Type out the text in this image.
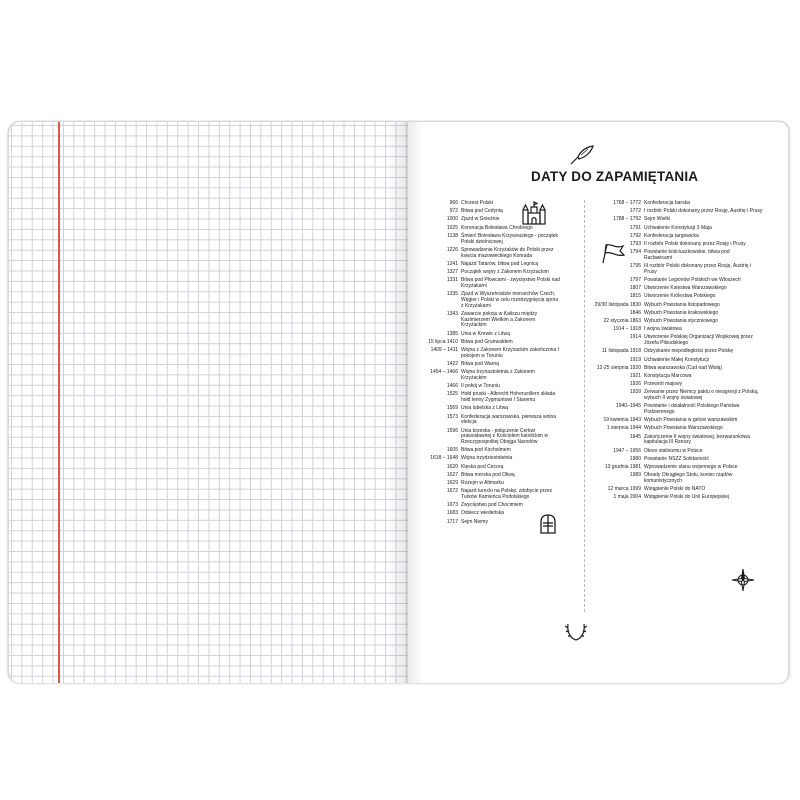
DATY DO ZAPAMIĘTANIA
966 Chrzest Polski
972 Bitwa pod Cedynią
1000 Zjazd w Gnieźnie
1025 Koronacja Bolesława Chrobrego
1138 Śmierć Bolesława Krzywoustego - początek Polski dzielnicowej
1226 Sprowadzenie Krzyżaków do Polski przez księcia mazowieckiego Konrada
1241 Najazd Tatarów, bitwa pod Legnicą
1327 Początek wojny z Zakonem Krzyżackim
1331 Bitwa pod Płowcami - zwycięstwo Polski nad Krzyżakami
1335 Zjazd w Wyszehradzie monarchów Czech, Węgier i Polski w celu rozstrzygnięcia sporu z Krzyżakami
1343 Zawarcie pokoju w Kaliszu między Kazimierzem Wielkim a Zakonem Krzyżackim
1385 Unia w Krewie z Litwą
15 lipca 1410 Bitwa pod Grunwaldem
1409 – 1411 Wojna z Zakonem Krzyżackim zakończona I pokojem w Toruniu
1422 Bitwa pod Warną
1454 – 1466 Wojna trzynastoletnia z Zakonem Krzyżackim
1466 II pokój w Toruniu
1525 Hołd pruski - Albrecht Hohenzollern składa hołd lenny Zygmuntowi I Staremu
1569 Unia lubelska z Litwą
1573 Konfederacja warszawska, pierwsza wolna elekcja
1596 Unia brzeska - połączenie Cerkwi prawosławnej z Kościołem katolickim w Rzeczypospolitej Obojga Narodów
1605 Bitwa pod Kircholmem
1618 – 1648 Wojna trzydziestoletnia
1620 Klęska pod Cecorą
1627 Bitwa morska pod Oliwą
1629 Rozejm w Altmarku
1672 Najazd turecki na Polskę, zdobycie przez Turków Kamieńca Podolskiego
1673 Zwycięstwo pod Chocimiem
1683 Odsiecz wiedeńska
1717 Sejm Niemy
1768 – 1772 Konfederacja barska
1772 I rozbiór Polski dokonany przez Rosję, Austrię i Prusy
1788 – 1792 Sejm Wielki
1791 Uchwalenie Konstytucji 3 Maja
1792 Konfederacja targowicka
1793 II rozbiór Polski dokonany przez Rosję i Prusy
1794 Powstanie kościuszkowskie, bitwa pod Racławicami
1795 III rozbiór Polski dokonany przez Rosję, Austrię i Prusy
1797 Powstanie Legionów Polskich we Włoszech
1807 Utworzenie Księstwa Warszawskiego
1815 Utworzenie Królestwa Polskiego
29/30 listopada 1830 Wybuch Powstania listopadowego
1846 Wybuch Powstania krakowskiego
22 stycznia 1863 Wybuch Powstania styczniowego
1914 – 1918 I wojna światowa
1914 Utworzenie Polskiej Organizacji Wojskowej przez Józefa Piłsudskiego
11 listopada 1918 Odzyskanie niepodległości przez Polskę
1919 Uchwalenie Małej Konstytucji
12-25 sierpnia 1920 Bitwa warszawska (Cud nad Wisłą)
1921 Konstytucja Marcowa
1926 Przewrót majowy
1939 Zerwanie przez Niemcy paktu o nieagresji z Polską, wybuch II wojny światowej
1940–1945 Powstanie i działalność Polskiego Państwa Podziemnego
19 kwietnia 1943 Wybuch Powstania w getcie warszawskim
1 sierpnia 1944 Wybuch Powstania Warszawskiego
1945 Zakończenie II wojny światowej, bezwarunkowa kapitulacja III Rzeszy
1947 – 1956 Okres stalinizmu w Polsce
1980 Powstanie NSZZ Solidarność
13 grudnia 1981 Wprowadzenie stanu wojennego w Polsce
1989 Obrady Okrągłego Stołu, koniec rządów komunistycznych
12 marca 1999 Wstąpienie Polski do NATO
1 maja 2004 Wstąpienie Polski do Unii Europejskiej
